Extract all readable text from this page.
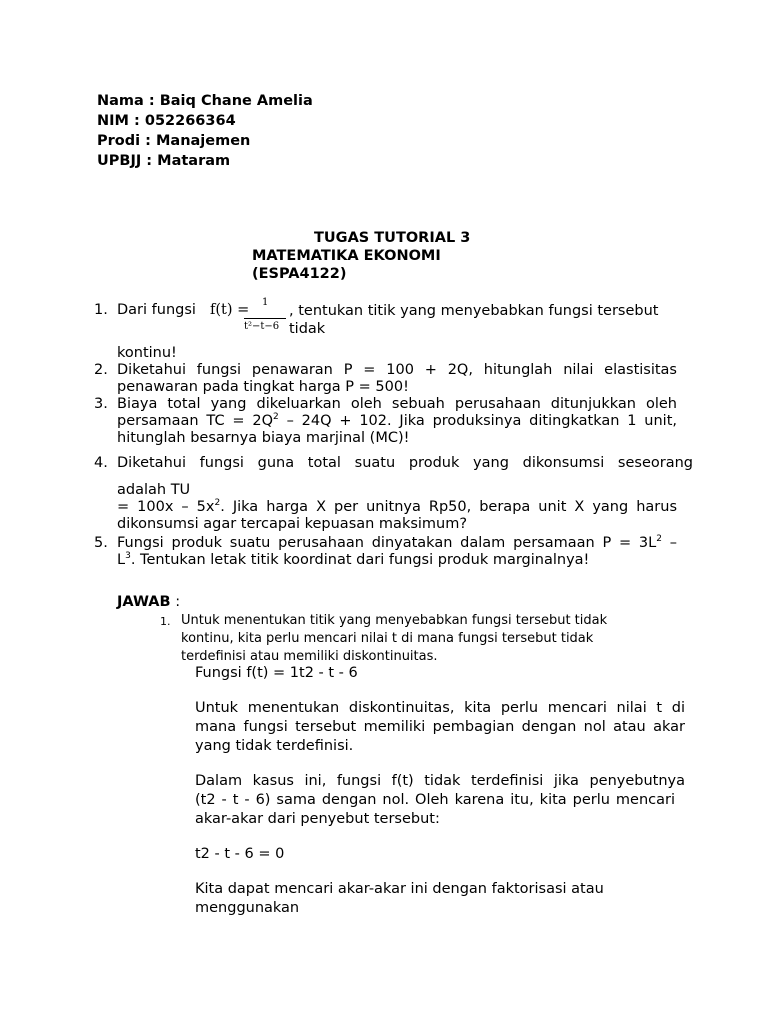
Nama : Baiq Chane Amelia
NIM : 052266364
Prodi : Manajemen
UPBJJ : Mataram
TUGAS TUTORIAL 3
MATEMATIKA EKONOMI
(ESPA4122)
1. Dari fungsi f(t) = 1
t²−t−6
, tentukan titik yang menyebabkan fungsi tersebut
tidak
kontinu!
2. Diketahui fungsi penawaran P = 100 + 2Q, hitunglah nilai elastisitas
penawaran pada tingkat harga P = 500!
3. Biaya total yang dikeluarkan oleh sebuah perusahaan ditunjukkan oleh
persamaan TC = $2Q^2 - 24Q + 102$. Jika produksinya ditingkatkan 1 unit,
hitunglah besarnya biaya marjinal (MC)!
4. Diketahui fungsi guna total suatu produk yang dikonsumsi seseorang
adalah TU
= $100x - 5x^2$. Jika harga X per unitnya Rp50, berapa unit X yang harus
dikonsumsi agar tercapai kepuasan maksimum?
5. Fungsi produk suatu perusahaan dinyatakan dalam persamaan $P = 3L^2$ –
$L^3$. Tentukan letak titik koordinat dari fungsi produk marginalnya!
JAWAB :
1. Untuk menentukan titik yang menyebabkan fungsi tersebut tidak
kontinu, kita perlu mencari nilai t di mana fungsi tersebut tidak
terdefinisi atau memiliki diskontinuitas.
Fungsi f(t) = 1t2 - t - 6
Untuk menentukan diskontinuitas, kita perlu mencari nilai t di
mana fungsi tersebut memiliki pembagian dengan nol atau akar
yang tidak terdefinisi.
Dalam kasus ini, fungsi f(t) tidak terdefinisi jika penyebutnya
(t2 - t - 6) sama dengan nol. Oleh karena itu, kita perlu mencari
akar-akar dari penyebut tersebut:
t2 - t - 6 = 0
Kita dapat mencari akar-akar ini dengan faktorisasi atau
menggunakan
